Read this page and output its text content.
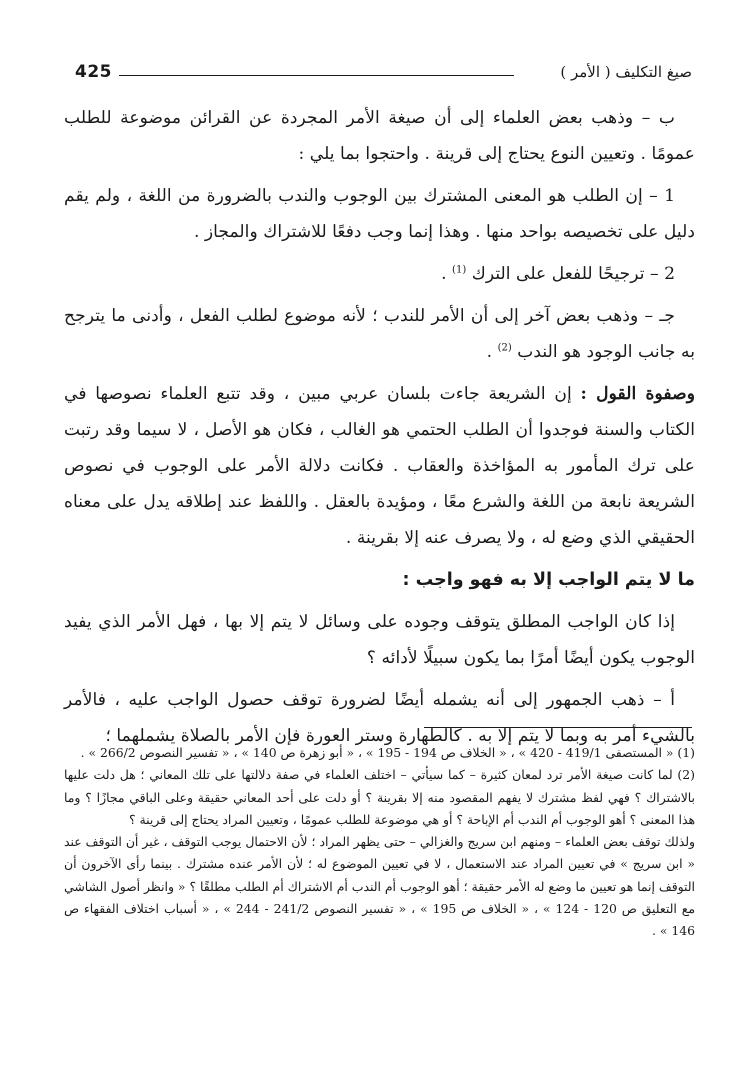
425	صيغ التكليف ( الأمر )

ب – وذهب بعض العلماء إلى أن صيغة الأمر المجردة عن القرائن موضوعة للطلب عمومًا . وتعيين النوع يحتاج إلى قرينة . واحتجوا بما يلي :

1 – إن الطلب هو المعنى المشترك بين الوجوب والندب بالضرورة من اللغة ، ولم يقم دليل على تخصيصه بواحد منها . وهذا إنما وجب دفعًا للاشتراك والمجاز .

2 – ترجيحًا للفعل على الترك $^{(1)}$ .

جـ – وذهب بعض آخر إلى أن الأمر للندب ؛ لأنه موضوع لطلب الفعل ، وأدنى ما يترجح به جانب الوجود هو الندب $^{(2)}$ .

وصفوة القول : إن الشريعة جاءت بلسان عربي مبين ، وقد تتبع العلماء نصوصها في الكتاب والسنة فوجدوا أن الطلب الحتمي هو الغالب ، فكان هو الأصل ، لا سيما وقد رتبت على ترك المأمور به المؤاخذة والعقاب . فكانت دلالة الأمر على الوجوب في نصوص الشريعة نابعة من اللغة والشرع معًا ، ومؤيدة بالعقل . واللفظ عند إطلاقه يدل على معناه الحقيقي الذي وضع له ، ولا يصرف عنه إلا بقرينة .

ما لا يتم الواجب إلا به فهو واجب :

إذا كان الواجب المطلق يتوقف وجوده على وسائل لا يتم إلا بها ، فهل الأمر الذي يفيد الوجوب يكون أيضًا أمرًا بما يكون سبيلًا لأدائه ؟

أ – ذهب الجمهور إلى أنه يشمله أيضًا لضرورة توقف حصول الواجب عليه ، فالأمر بالشيء أمر به وبما لا يتم إلا به . كالطهارة وستر العورة فإن الأمر بالصلاة يشملهما ؛

(1) « المستصفى 419/1 - 420 » ، « الخلاف ص 194 - 195 » ، « أبو زهرة ص 140 » ، « تفسير النصوص 266/2 » .

(2) لما كانت صيغة الأمر ترد لمعان كثيرة – كما سيأتي – اختلف العلماء في صفة دلالتها على تلك المعاني ؛ هل دلت عليها بالاشتراك ؟ فهي لفظ مشترك لا يفهم المقصود منه إلا بقرينة ؟ أو دلت على أحد المعاني حقيقة وعلى الباقي مجازًا ؟ وما هذا المعنى ؟ أهو الوجوب أم الندب أم الإباحة ؟ أو هي موضوعة للطلب عمومًا ، وتعيين المراد يحتاج إلى قرينة ؟

ولذلك توقف بعض العلماء – ومنهم ابن سريج والغزالي – حتى يظهر المراد ؛ لأن الاحتمال يوجب التوقف ، غير أن التوقف عند « ابن سريج » في تعيين المراد عند الاستعمال ، لا في تعيين الموضوع له ؛ لأن الأمر عنده مشترك . بينما رأى الآخرون أن التوقف إنما هو تعيين ما وضع له الأمر حقيقة ؛ أهو الوجوب أم الندب أم الاشتراك أم الطلب مطلقًا ؟ « وانظر أصول الشاشي مع التعليق ص 120 - 124 » ، « الخلاف ص 195 » ، « تفسير النصوص 241/2 - 244 » ، « أسباب اختلاف الفقهاء ص 146 » .
